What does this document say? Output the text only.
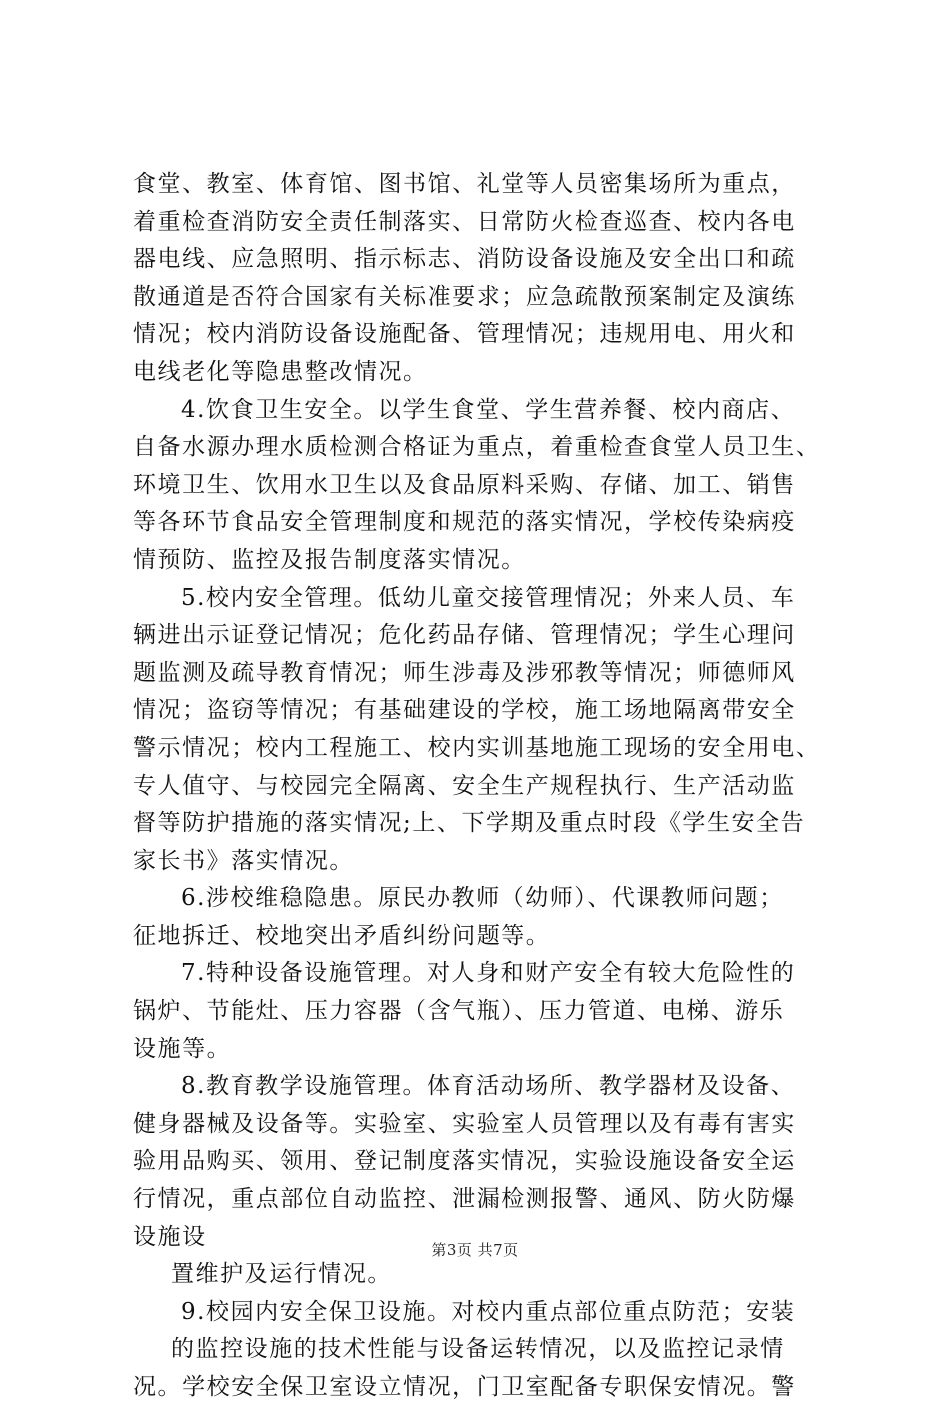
食堂、教室、体育馆、图书馆、礼堂等人员密集场所为重点，
着重检查消防安全责任制落实、日常防火检查巡查、校内各电
器电线、应急照明、指示标志、消防设备设施及安全出口和疏
散通道是否符合国家有关标准要求；应急疏散预案制定及演练
情况；校内消防设备设施配备、管理情况；违规用电、用火和
电线老化等隐患整改情况。
4.饮食卫生安全。以学生食堂、学生营养餐、校内商店、
自备水源办理水质检测合格证为重点，着重检查食堂人员卫生、
环境卫生、饮用水卫生以及食品原料采购、存储、加工、销售
等各环节食品安全管理制度和规范的落实情况，学校传染病疫
情预防、监控及报告制度落实情况。
5.校内安全管理。低幼儿童交接管理情况；外来人员、车
辆进出示证登记情况；危化药品存储、管理情况；学生心理问
题监测及疏导教育情况；师生涉毒及涉邪教等情况；师德师风
情况；盗窃等情况；有基础建设的学校，施工场地隔离带安全
警示情况；校内工程施工、校内实训基地施工现场的安全用电、
专人值守、与校园完全隔离、安全生产规程执行、生产活动监
督等防护措施的落实情况;上、下学期及重点时段《学生安全告
家长书》落实情况。
6.涉校维稳隐患。原民办教师（幼师）、代课教师问题；
征地拆迁、校地突出矛盾纠纷问题等。
7.特种设备设施管理。对人身和财产安全有较大危险性的
锅炉、节能灶、压力容器（含气瓶）、压力管道、电梯、游乐
设施等。
8.教育教学设施管理。体育活动场所、教学器材及设备、
健身器械及设备等。实验室、实验室人员管理以及有毒有害实
验用品购买、领用、登记制度落实情况，实验设施设备安全运
行情况，重点部位自动监控、泄漏检测报警、通风、防火防爆
设施设
置维护及运行情况。
9.校园内安全保卫设施。对校内重点部位重点防范；安装
的监控设施的技术性能与设备运转情况，以及监控记录情
况。学校安全保卫室设立情况，门卫室配备专职保安情况。警
第3页 共7页
